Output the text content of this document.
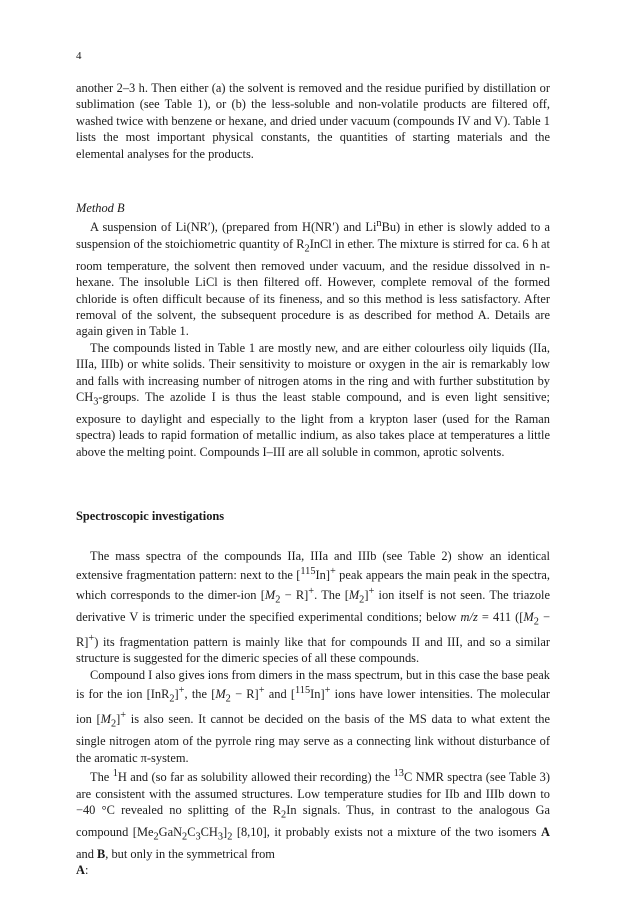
4

another 2–3 h. Then either (a) the solvent is removed and the residue purified by distillation or sublimation (see Table 1), or (b) the less-soluble and non-volatile products are filtered off, washed twice with benzene or hexane, and dried under vacuum (compounds IV and V). Table 1 lists the most important physical constants, the quantities of starting materials and the elemental analyses for the products.

Method B

A suspension of Li(NR′), (prepared from H(NR′) and Li$^n$Bu) in ether is slowly added to a suspension of the stoichiometric quantity of $R_2InCl$ in ether. The mixture is stirred for ca. 6 h at room temperature, the solvent then removed under vacuum, and the residue dissolved in n-hexane. The insoluble LiCl is then filtered off. However, complete removal of the formed chloride is often difficult because of its fineness, and so this method is less satisfactory. After removal of the solvent, the subsequent procedure is as described for method A. Details are again given in Table 1.

The compounds listed in Table 1 are mostly new, and are either colourless oily liquids (IIa, IIIa, IIIb) or white solids. Their sensitivity to moisture or oxygen in the air is remarkably low and falls with increasing number of nitrogen atoms in the ring and with further substitution by $CH_3$-groups. The azolide I is thus the least stable compound, and is even light sensitive; exposure to daylight and especially to the light from a krypton laser (used for the Raman spectra) leads to rapid formation of metallic indium, as also takes place at temperatures a little above the melting point. Compounds I–III are all soluble in common, aprotic solvents.

Spectroscopic investigations

The mass spectra of the compounds IIa, IIIa and IIIb (see Table 2) show an identical extensive fragmentation pattern: next to the [$^{115}$In]+ peak appears the main peak in the spectra, which corresponds to the dimer-ion $[M_2 - R]^+$. The $[M_2]^+$ ion itself is not seen. The triazole derivative V is trimeric under the specified experimental conditions; below m/z = 411 $([M_2 - R]^+)$ its fragmentation pattern is mainly like that for compounds II and III, and so a similar structure is suggested for the dimeric species of all these compounds.

Compound I also gives ions from dimers in the mass spectrum, but in this case the base peak is for the ion [InR$_2$]+, the $[M_2 - R]^+$ and [$^{115}$In]+ ions have lower intensities. The molecular ion $[M_2]^+$ is also seen. It cannot be decided on the basis of the MS data to what extent the single nitrogen atom of the pyrrole ring may serve as a connecting link without disturbance of the aromatic π-system.

The $^1$H and (so far as solubility allowed their recording) the $^{13}$C NMR spectra (see Table 3) are consistent with the assumed structures. Low temperature studies for IIb and IIIb down to −40 °C revealed no splitting of the $R_2In$ signals. Thus, in contrast to the analogous Ga compound $[Me_2GaN_2C_3CH_3]_2$ [8,10], it probably exists not a mixture of the two isomers A and B, but only in the symmetrical from
A:
